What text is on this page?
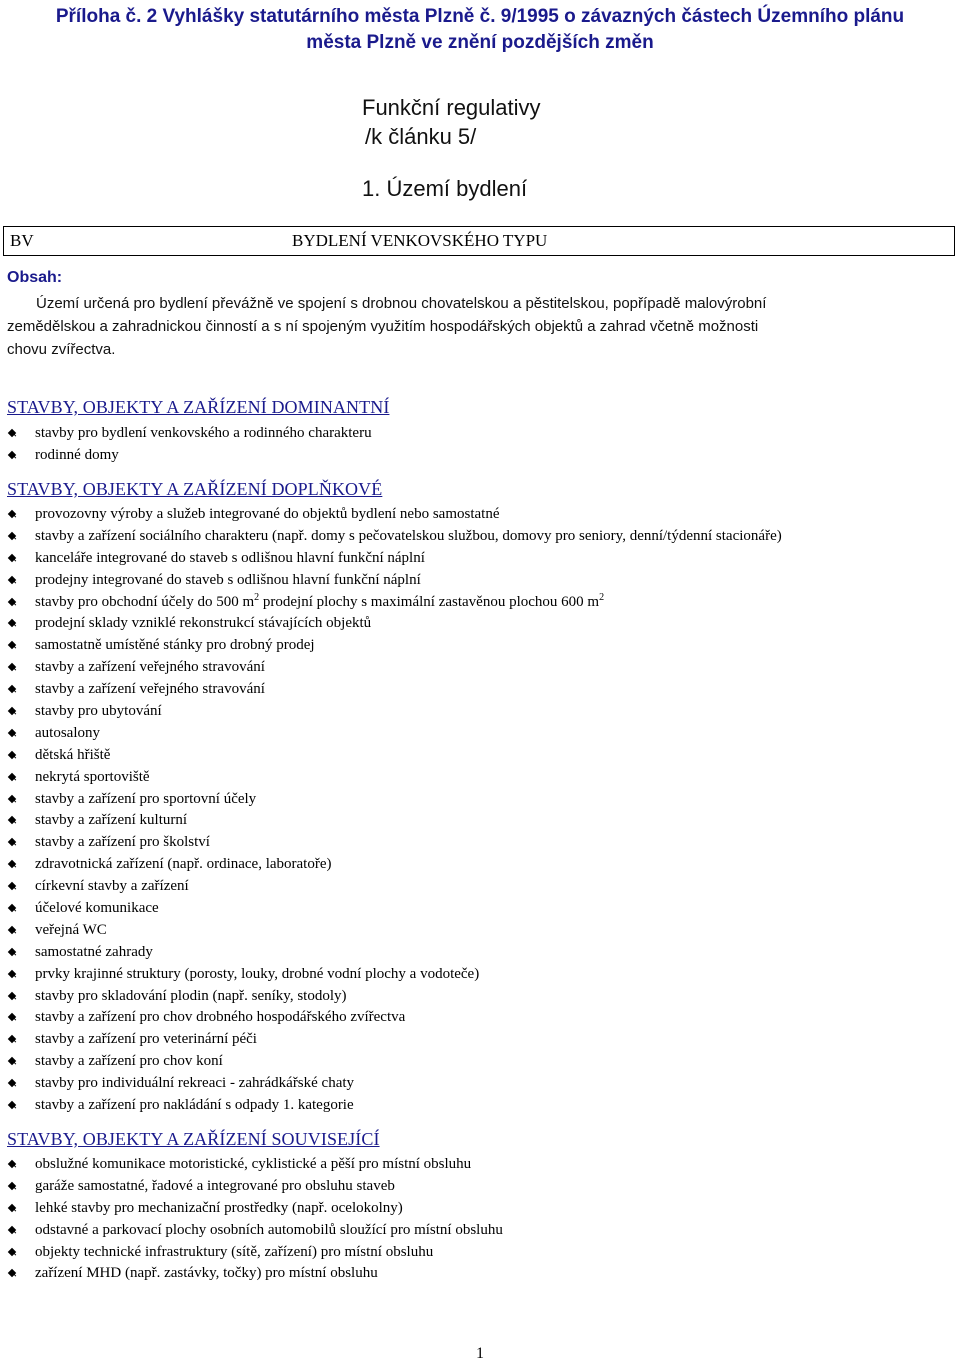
Příloha č. 2 Vyhlášky statutárního města Plzně č. 9/1995 o závazných částech Územního plánu
města Plzně ve znění pozdějších změn
Funkční regulativy
/k článku 5/
1. Území bydlení
BV	BYDLENÍ VENKOVSKÉHO TYPU
Obsah:

Území určená pro bydlení převážně ve spojení s drobnou chovatelskou a pěstitelskou, popřípadě malovýrobní
zemědělskou a zahradnickou činností a s ní spojeným využitím hospodářských objektů a zahrad včetně možnosti
chovu zvířectva.

STAVBY, OBJEKTY A ZAŘÍZENÍ DOMINANTNÍ
stavby pro bydlení venkovského a rodinného charakteru
rodinné domy
STAVBY, OBJEKTY A ZAŘÍZENÍ DOPLŇKOVÉ
provozovny výroby a služeb integrované do objektů bydlení nebo samostatné
stavby a zařízení sociálního charakteru (např. domy s pečovatelskou službou, domovy pro seniory, denní/týdenní stacionáře)
kanceláře integrované do staveb s odlišnou hlavní funkční náplní
prodejny integrované do staveb s odlišnou hlavní funkční náplní
stavby pro obchodní účely do 500 $m^2$ prodejní plochy s maximální zastavěnou plochou 600 $m^2$
prodejní sklady vzniklé rekonstrukcí stávajících objektů
samostatně umístěné stánky pro drobný prodej
stavby a zařízení veřejného stravování
stavby a zařízení veřejného stravování
stavby pro ubytování
autosalony
dětská hřiště
nekrytá sportoviště
stavby a zařízení pro sportovní účely
stavby a zařízení kulturní
stavby a zařízení pro školství
zdravotnická zařízení (např. ordinace, laboratoře)
církevní stavby a zařízení
účelové komunikace
veřejná WC
samostatné zahrady
prvky krajinné struktury (porosty, louky, drobné vodní plochy a vodoteče)
stavby pro skladování plodin (např. seníky, stodoly)
stavby a zařízení pro chov drobného hospodářského zvířectva
stavby a zařízení pro veterinární péči
stavby a zařízení pro chov koní
stavby pro individuální rekreaci - zahrádkářské chaty
stavby a zařízení pro nakládání s odpady 1. kategorie
STAVBY, OBJEKTY A ZAŘÍZENÍ SOUVISEJÍCÍ
obslužné komunikace motoristické, cyklistické a pěší pro místní obsluhu
garáže samostatné, řadové a integrované pro obsluhu staveb
lehké stavby pro mechanizační prostředky (např. ocelokolny)
odstavné a parkovací plochy osobních automobilů sloužící pro místní obsluhu
objekty technické infrastruktury (sítě, zařízení) pro místní obsluhu
zařízení MHD (např. zastávky, točky) pro místní obsluhu
1
